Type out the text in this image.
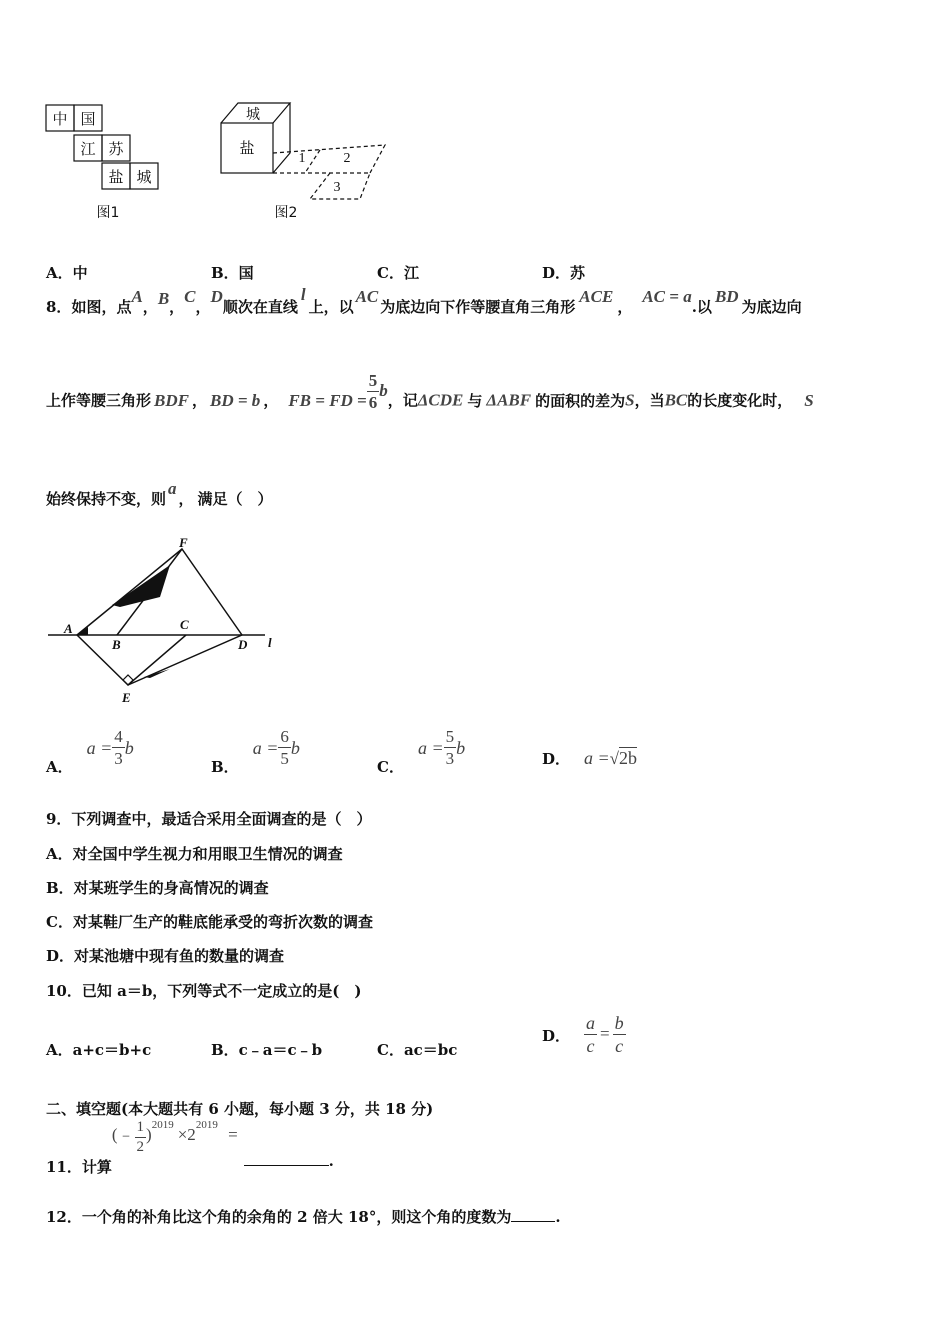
中 国
江 苏
盐 城
城
盐
1	2
3
图1	图2
A．中	B．国	C．江	D．苏
8．如图，点A，B，C，D顺次在直线l上，以AC为底边向下作等腰直角三角形ACE，AC = a.以BD为底边向
上作等腰三角形 BDF ， BD = b ， FB = FD = $\frac{5}{6}$ b，记ΔCDE 与 ΔABF 的面积的差为S，当BC的长度变化时， S
始终保持不变，则a， 满足（　）
F
A
B
C
D
E
l
A．$a = \frac{4}{3}$ b
B．$a = \frac{6}{5}$ b
C．$a = \frac{5}{3}$ b
D． a =√2b
9．下列调查中，最适合采用全面调查的是（　）
A．对全国中学生视力和用眼卫生情况的调查
B．对某班学生的身高情况的调查
C．对某鞋厂生产的鞋底能承受的弯折次数的调查
D．对某池塘中现有鱼的数量的调查
10．已知 a＝b，下列等式不一定成立的是(　)
A．a+c＝b+c	B．c﹣a＝c﹣b	C．ac＝bc
D． $\frac{a}{c} = \frac{b}{c}$
二、填空题(本大题共有 6 小题，每小题 3 分，共 18 分)
11．计算(﹣ $\frac{1}{2} )^{2019} \times 2^{2019}$ =.
12．一个角的补角比这个角的余角的 2 倍大 18°，则这个角的度数为	.
